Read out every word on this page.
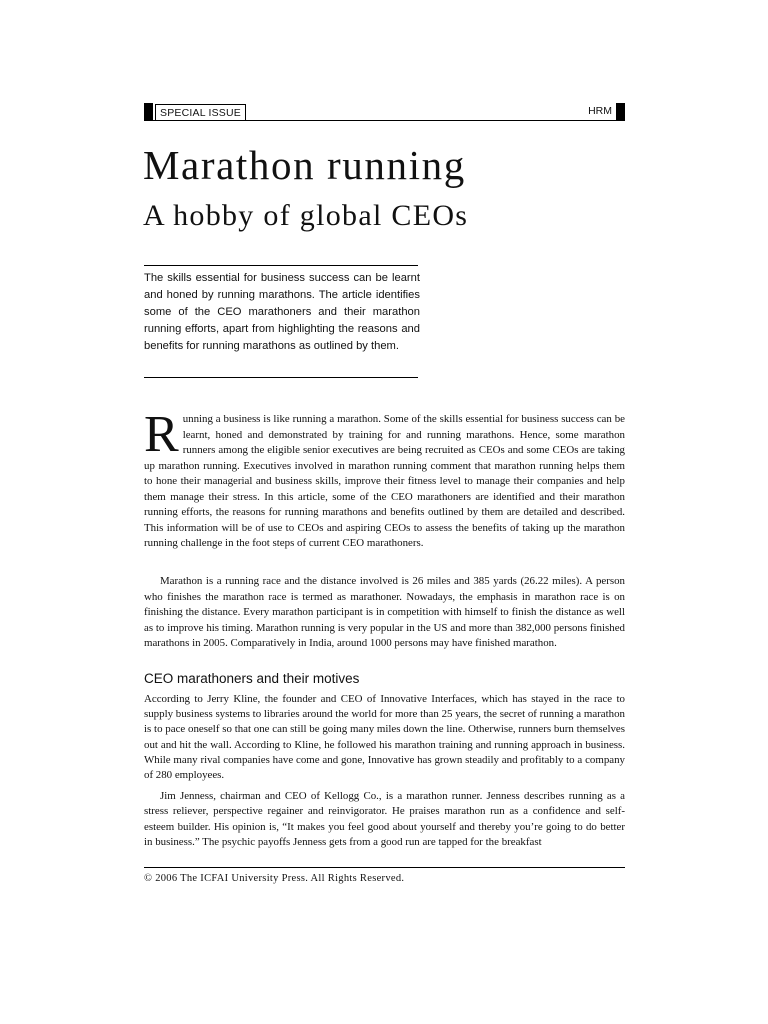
SPECIAL ISSUE	HRM
Marathon running
A hobby of global CEOs
The skills essential for business success can be learnt and honed by running marathons. The article identifies some of the CEO marathoners and their marathon running efforts, apart from highlighting the reasons and benefits for running marathons as outlined by them.

Running a business is like running a marathon. Some of the skills essential for business success can be learnt, honed and demonstrated by training for and running marathons. Hence, some marathon runners among the eligible senior executives are being recruited as CEOs and some CEOs are taking up marathon running. Executives involved in marathon running comment that marathon running helps them to hone their managerial and business skills, improve their fitness level to manage their companies and help them manage their stress. In this article, some of the CEO marathoners are identified and their marathon running efforts, the reasons for running marathons and benefits outlined by them are detailed and described. This information will be of use to CEOs and aspiring CEOs to assess the benefits of taking up the marathon running challenge in the foot steps of current CEO marathoners.

Marathon is a running race and the distance involved is 26 miles and 385 yards (26.22 miles). A person who finishes the marathon race is termed as marathoner. Nowadays, the emphasis in marathon race is on finishing the distance. Every marathon participant is in competition with himself to finish the distance as well as to improve his timing. Marathon running is very popular in the US and more than 382,000 persons finished marathons in 2005. Comparatively in India, around 1000 persons may have finished marathon.

CEO marathoners and their motives

According to Jerry Kline, the founder and CEO of Innovative Interfaces, which has stayed in the race to supply business systems to libraries around the world for more than 25 years, the secret of running a marathon is to pace oneself so that one can still be going many miles down the line. Otherwise, runners burn themselves out and hit the wall. According to Kline, he followed his marathon training and running approach in business. While many rival companies have come and gone, Innovative has grown steadily and profitably to a company of 280 employees.

Jim Jenness, chairman and CEO of Kellogg Co., is a marathon runner. Jenness describes running as a stress reliever, perspective regainer and reinvigorator. He praises marathon run as a confidence and self-esteem builder. His opinion is, “It makes you feel good about yourself and thereby you’re going to do better in business.” The psychic payoffs Jenness gets from a good run are tapped for the breakfast

© 2006 The ICFAI University Press. All Rights Reserved.
